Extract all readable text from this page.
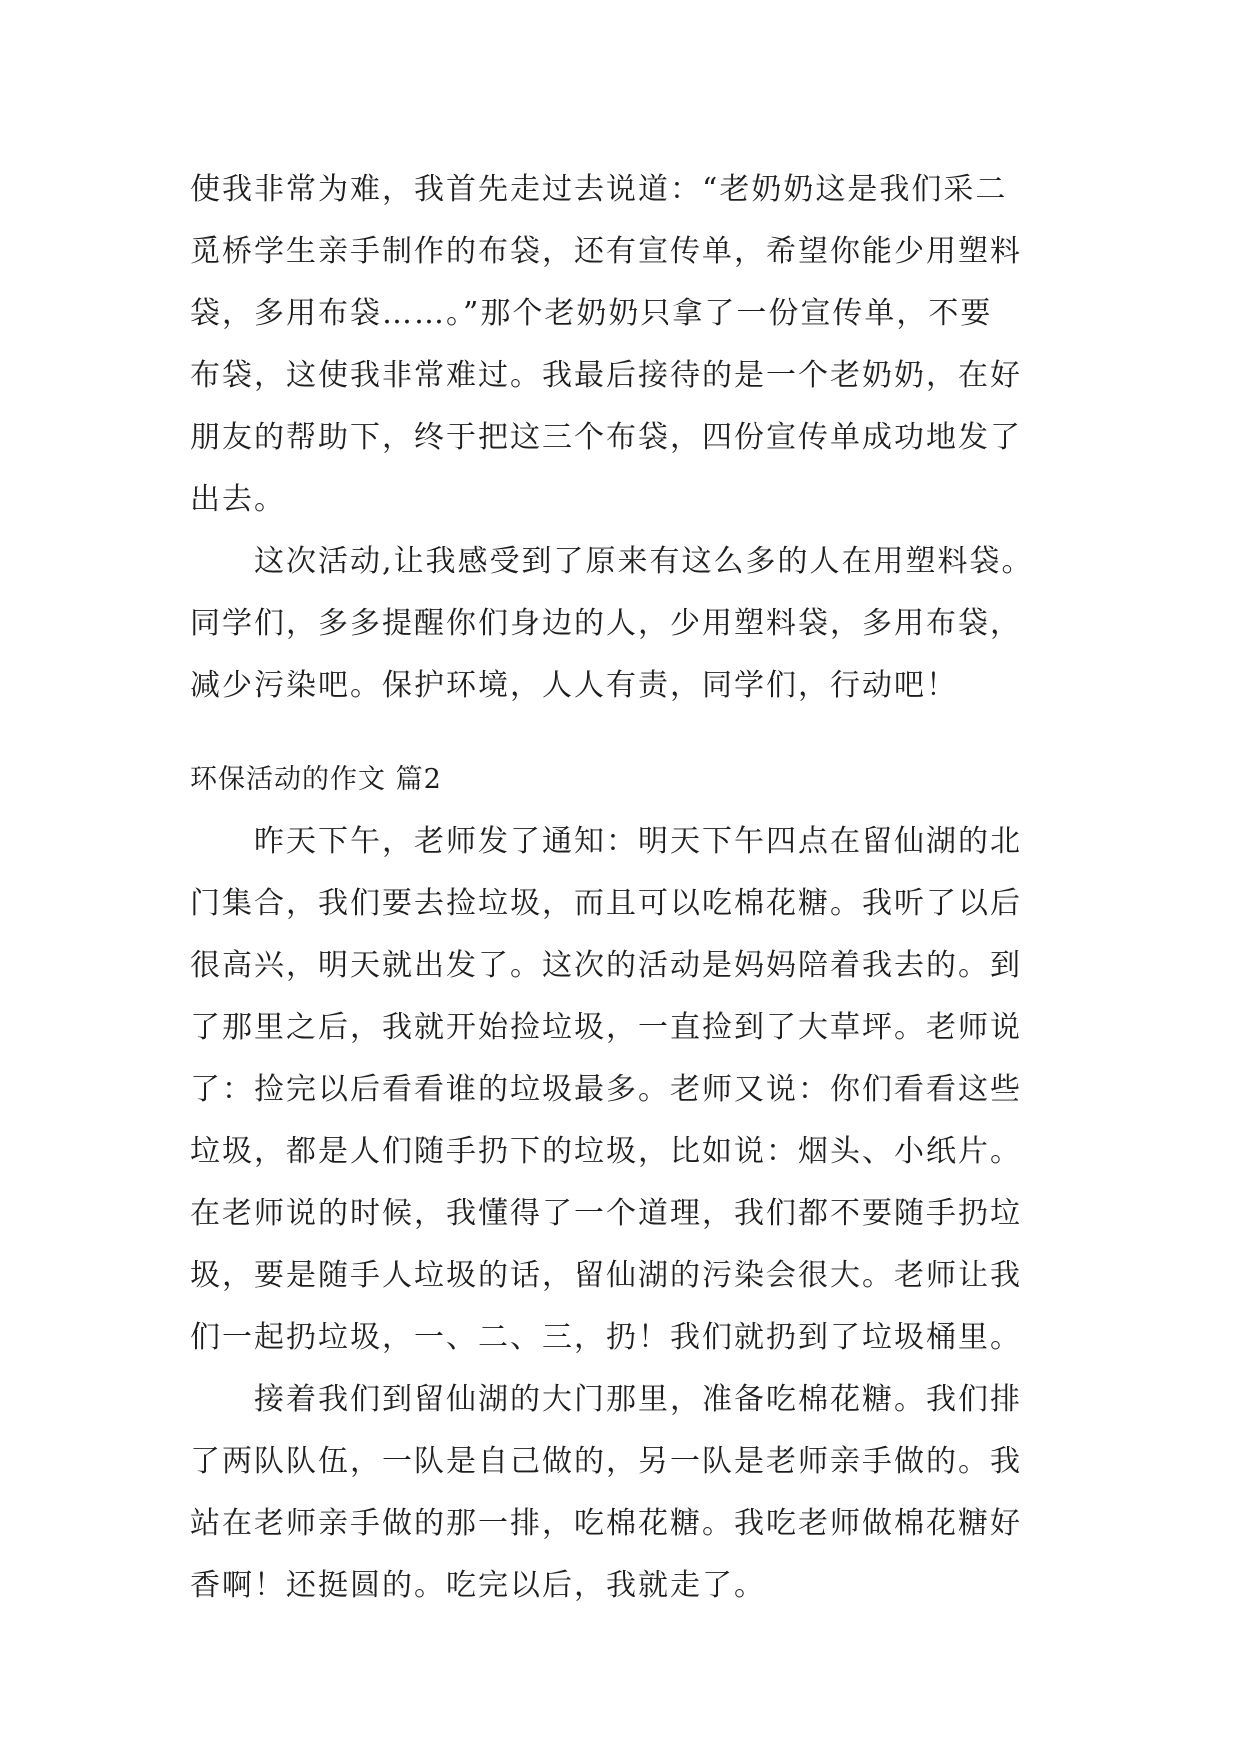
使我非常为难，我首先走过去说道：“老奶奶这是我们采二
觅桥学生亲手制作的布袋，还有宣传单，希望你能少用塑料
袋，多用布袋……。”那个老奶奶只拿了一份宣传单，不要
布袋，这使我非常难过。我最后接待的是一个老奶奶，在好
朋友的帮助下，终于把这三个布袋，四份宣传单成功地发了
出去。
　　这次活动,让我感受到了原来有这么多的人在用塑料袋。
同学们，多多提醒你们身边的人，少用塑料袋，多用布袋，
减少污染吧。保护环境，人人有责，同学们，行动吧！
环保活动的作文 篇2
　　昨天下午，老师发了通知：明天下午四点在留仙湖的北
门集合，我们要去捡垃圾，而且可以吃棉花糖。我听了以后
很高兴，明天就出发了。这次的活动是妈妈陪着我去的。到
了那里之后，我就开始捡垃圾，一直捡到了大草坪。老师说
了：捡完以后看看谁的垃圾最多。老师又说：你们看看这些
垃圾，都是人们随手扔下的垃圾，比如说：烟头、小纸片。
在老师说的时候，我懂得了一个道理，我们都不要随手扔垃
圾，要是随手人垃圾的话，留仙湖的污染会很大。老师让我
们一起扔垃圾，一、二、三，扔！我们就扔到了垃圾桶里。
　　接着我们到留仙湖的大门那里，准备吃棉花糖。我们排
了两队队伍，一队是自己做的，另一队是老师亲手做的。我
站在老师亲手做的那一排，吃棉花糖。我吃老师做棉花糖好
香啊！还挺圆的。吃完以后，我就走了。
